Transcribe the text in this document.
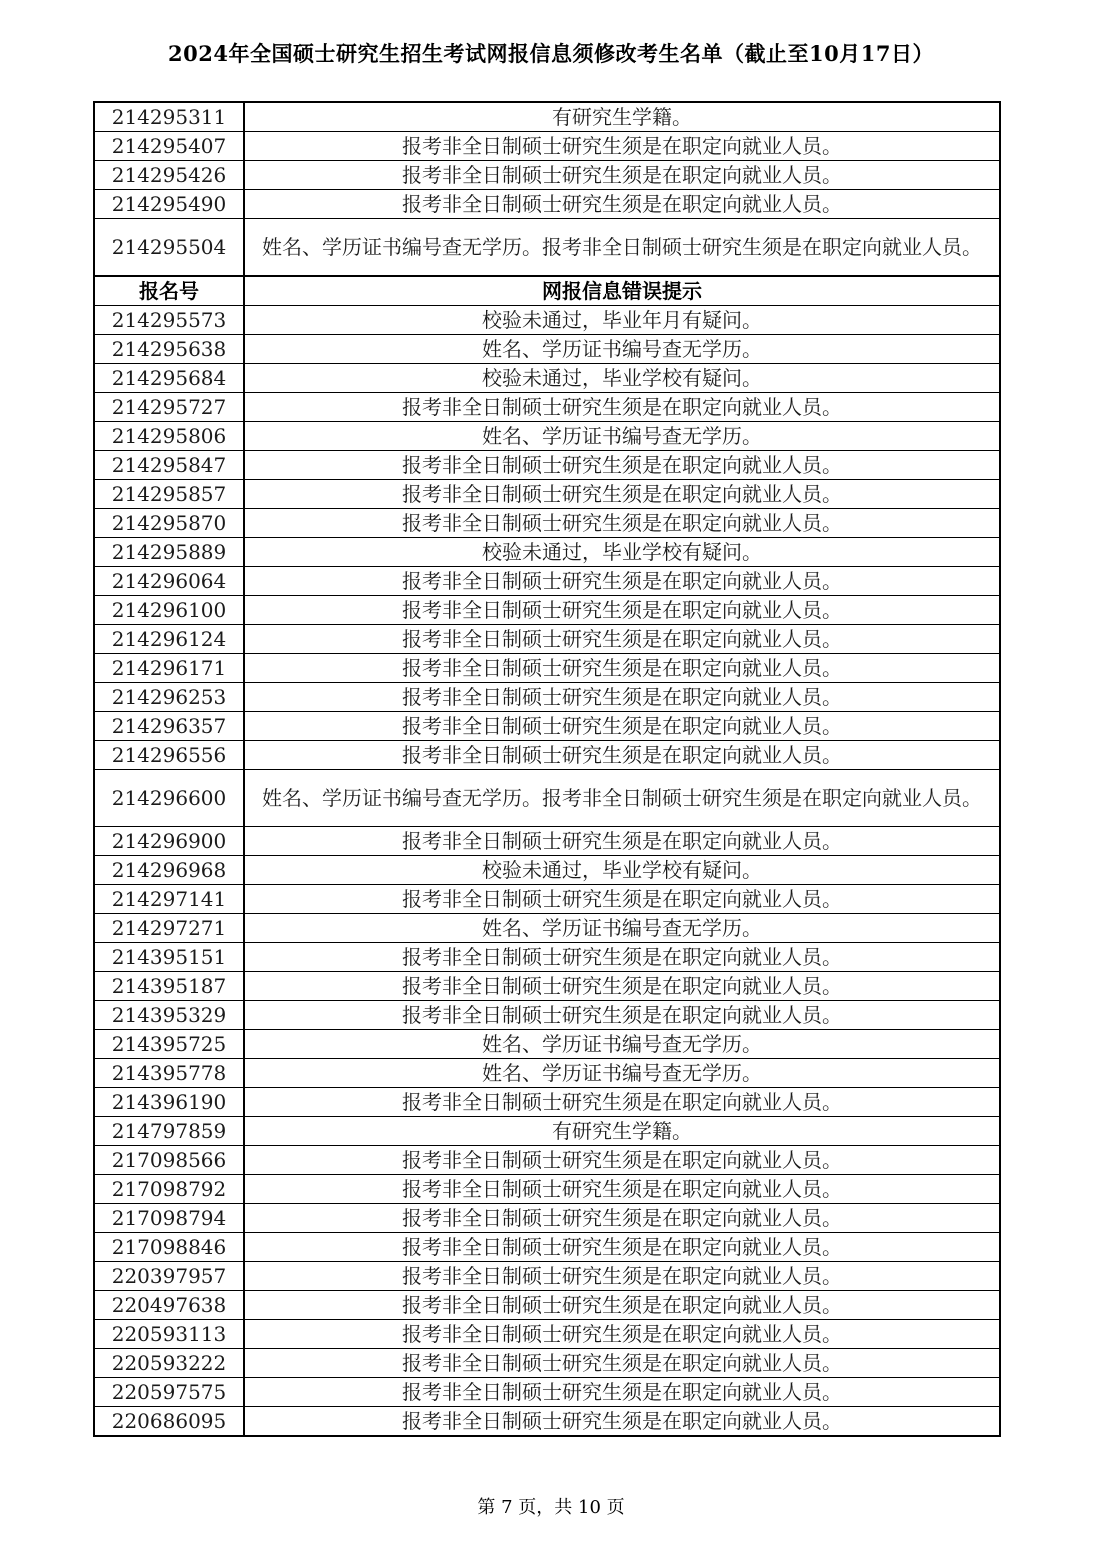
2024年全国硕士研究生招生考试网报信息须修改考生名单（截止至10月17日）
214295311	有研究生学籍。
214295407	报考非全日制硕士研究生须是在职定向就业人员。
214295426	报考非全日制硕士研究生须是在职定向就业人员。
214295490	报考非全日制硕士研究生须是在职定向就业人员。
214295504	姓名、学历证书编号查无学历。报考非全日制硕士研究生须是在职定向就业人员。
报名号	网报信息错误提示
214295573	校验未通过，毕业年月有疑问。
214295638	姓名、学历证书编号查无学历。
214295684	校验未通过，毕业学校有疑问。
214295727	报考非全日制硕士研究生须是在职定向就业人员。
214295806	姓名、学历证书编号查无学历。
214295847	报考非全日制硕士研究生须是在职定向就业人员。
214295857	报考非全日制硕士研究生须是在职定向就业人员。
214295870	报考非全日制硕士研究生须是在职定向就业人员。
214295889	校验未通过，毕业学校有疑问。
214296064	报考非全日制硕士研究生须是在职定向就业人员。
214296100	报考非全日制硕士研究生须是在职定向就业人员。
214296124	报考非全日制硕士研究生须是在职定向就业人员。
214296171	报考非全日制硕士研究生须是在职定向就业人员。
214296253	报考非全日制硕士研究生须是在职定向就业人员。
214296357	报考非全日制硕士研究生须是在职定向就业人员。
214296556	报考非全日制硕士研究生须是在职定向就业人员。
214296600	姓名、学历证书编号查无学历。报考非全日制硕士研究生须是在职定向就业人员。
214296900	报考非全日制硕士研究生须是在职定向就业人员。
214296968	校验未通过，毕业学校有疑问。
214297141	报考非全日制硕士研究生须是在职定向就业人员。
214297271	姓名、学历证书编号查无学历。
214395151	报考非全日制硕士研究生须是在职定向就业人员。
214395187	报考非全日制硕士研究生须是在职定向就业人员。
214395329	报考非全日制硕士研究生须是在职定向就业人员。
214395725	姓名、学历证书编号查无学历。
214395778	姓名、学历证书编号查无学历。
214396190	报考非全日制硕士研究生须是在职定向就业人员。
214797859	有研究生学籍。
217098566	报考非全日制硕士研究生须是在职定向就业人员。
217098792	报考非全日制硕士研究生须是在职定向就业人员。
217098794	报考非全日制硕士研究生须是在职定向就业人员。
217098846	报考非全日制硕士研究生须是在职定向就业人员。
220397957	报考非全日制硕士研究生须是在职定向就业人员。
220497638	报考非全日制硕士研究生须是在职定向就业人员。
220593113	报考非全日制硕士研究生须是在职定向就业人员。
220593222	报考非全日制硕士研究生须是在职定向就业人员。
220597575	报考非全日制硕士研究生须是在职定向就业人员。
220686095	报考非全日制硕士研究生须是在职定向就业人员。
第 7 页，共 10 页
